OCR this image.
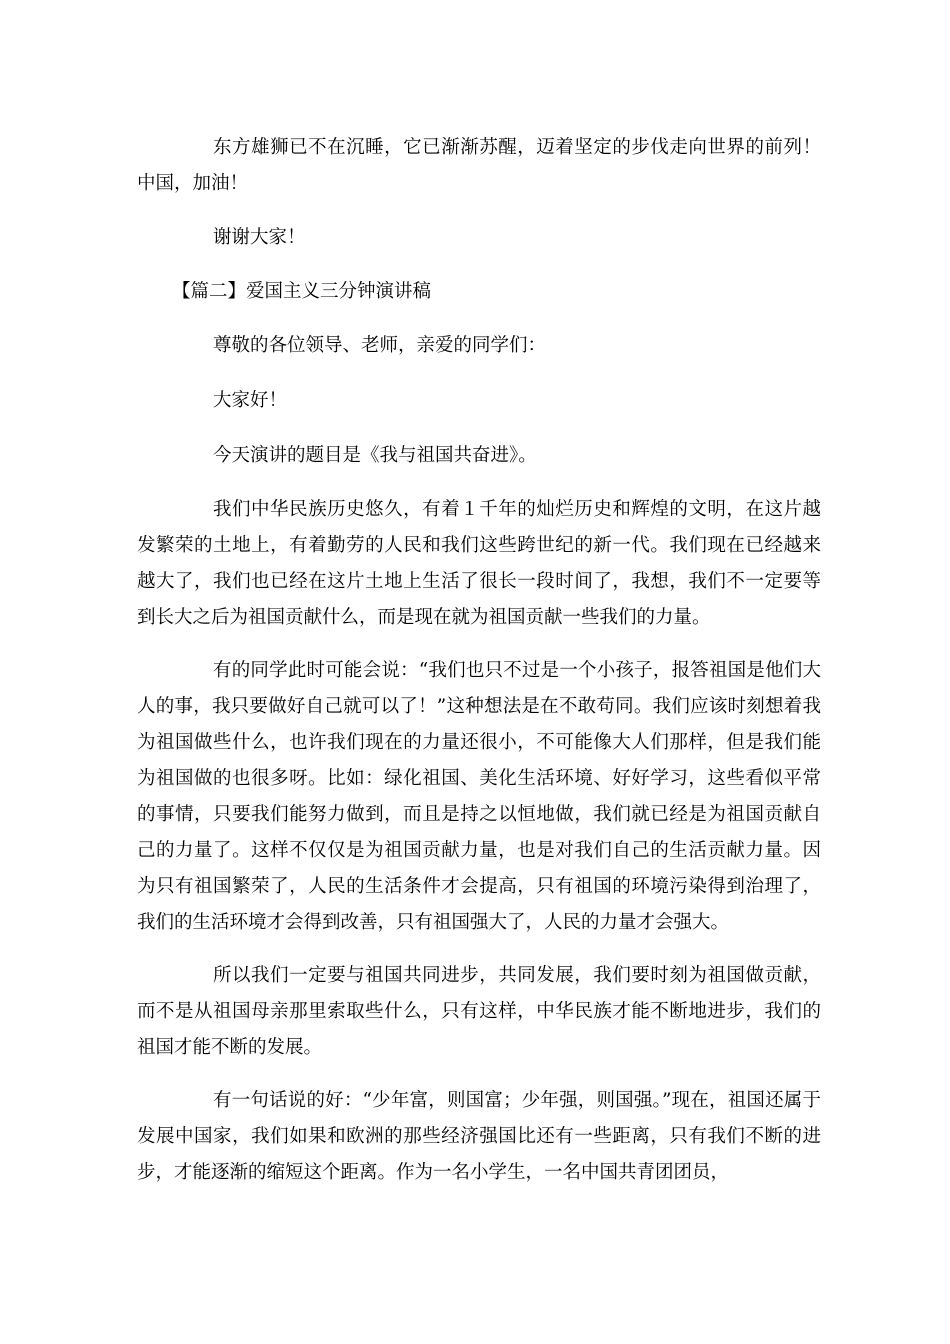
东方雄狮已不在沉睡，它已渐渐苏醒，迈着坚定的步伐走向世界的前列！中国，加油！

谢谢大家！

【篇二】爱国主义三分钟演讲稿

尊敬的各位领导、老师，亲爱的同学们：

大家好！

今天演讲的题目是《我与祖国共奋进》。

我们中华民族历史悠久，有着１千年的灿烂历史和辉煌的文明，在这片越发繁荣的土地上，有着勤劳的人民和我们这些跨世纪的新一代。我们现在已经越来越大了，我们也已经在这片土地上生活了很长一段时间了，我想，我们不一定要等到长大之后为祖国贡献什么，而是现在就为祖国贡献一些我们的力量。

有的同学此时可能会说：“我们也只不过是一个小孩子，报答祖国是他们大人的事，我只要做好自己就可以了！”这种想法是在不敢苟同。我们应该时刻想着我为祖国做些什么，也许我们现在的力量还很小，不可能像大人们那样，但是我们能为祖国做的也很多呀。比如：绿化祖国、美化生活环境、好好学习，这些看似平常的事情，只要我们能努力做到，而且是持之以恒地做，我们就已经是为祖国贡献自己的力量了。这样不仅仅是为祖国贡献力量，也是对我们自己的生活贡献力量。因为只有祖国繁荣了，人民的生活条件才会提高，只有祖国的环境污染得到治理了，我们的生活环境才会得到改善，只有祖国强大了，人民的力量才会强大。

所以我们一定要与祖国共同进步，共同发展，我们要时刻为祖国做贡献，而不是从祖国母亲那里索取些什么，只有这样，中华民族才能不断地进步，我们的祖国才能不断的发展。

有一句话说的好：“少年富，则国富；少年强，则国强。”现在，祖国还属于发展中国家，我们如果和欧洲的那些经济强国比还有一些距离，只有我们不断的进步，才能逐渐的缩短这个距离。作为一名小学生，一名中国共青团团员，
